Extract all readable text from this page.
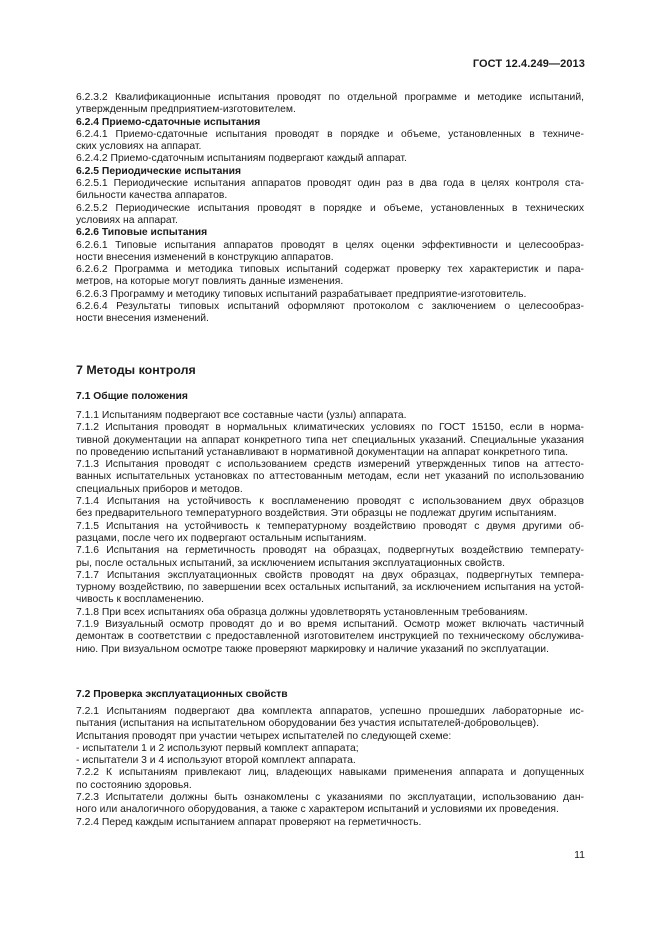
ГОСТ 12.4.249—2013
6.2.3.2 Квалификационные испытания проводят по отдельной программе и методике испытаний,
утвержденным предприятием-изготовителем.
6.2.4 Приемо-сдаточные испытания
6.2.4.1 Приемо-сдаточные испытания проводят в порядке и объеме, установленных в техниче-
ских условиях на аппарат.
6.2.4.2 Приемо-сдаточным испытаниям подвергают каждый аппарат.
6.2.5 Периодические испытания
6.2.5.1 Периодические испытания аппаратов проводят один раз в два года в целях контроля ста-
бильности качества аппаратов.
6.2.5.2 Периодические испытания проводят в порядке и объеме, установленных в технических
условиях на аппарат.
6.2.6 Типовые испытания
6.2.6.1 Типовые испытания аппаратов проводят в целях оценки эффективности и целесообраз-
ности внесения изменений в конструкцию аппаратов.
6.2.6.2 Программа и методика типовых испытаний содержат проверку тех характеристик и пара-
метров, на которые могут повлиять данные изменения.
6.2.6.3 Программу и методику типовых испытаний разрабатывает предприятие-изготовитель.
6.2.6.4 Результаты типовых испытаний оформляют протоколом с заключением о целесообраз-
ности внесения изменений.
7 Методы контроля
7.1 Общие положения
7.1.1 Испытаниям подвергают все составные части (узлы) аппарата.
7.1.2 Испытания проводят в нормальных климатических условиях по ГОСТ 15150, если в норма-
тивной документации на аппарат конкретного типа нет специальных указаний. Специальные указания
по проведению испытаний устанавливают в нормативной документации на аппарат конкретного типа.
7.1.3 Испытания проводят с использованием средств измерений утвержденных типов на аттесто-
ванных испытательных установках по аттестованным методам, если нет указаний по использованию
специальных приборов и методов.
7.1.4 Испытания на устойчивость к воспламенению проводят с использованием двух образцов
без предварительного температурного воздействия. Эти образцы не подлежат другим испытаниям.
7.1.5 Испытания на устойчивость к температурному воздействию проводят с двумя другими об-
разцами, после чего их подвергают остальным испытаниям.
7.1.6 Испытания на герметичность проводят на образцах, подвергнутых воздействию температу-
ры, после остальных испытаний, за исключением испытания эксплуатационных свойств.
7.1.7 Испытания эксплуатационных свойств проводят на двух образцах, подвергнутых темпера-
турному воздействию, по завершении всех остальных испытаний, за исключением испытания на устой-
чивость к воспламенению.
7.1.8 При всех испытаниях оба образца должны удовлетворять установленным требованиям.
7.1.9 Визуальный осмотр проводят до и во время испытаний. Осмотр может включать частичный
демонтаж в соответствии с предоставленной изготовителем инструкцией по техническому обслужива-
нию. При визуальном осмотре также проверяют маркировку и наличие указаний по эксплуатации.
7.2 Проверка эксплуатационных свойств
7.2.1 Испытаниям подвергают два комплекта аппаратов, успешно прошедших лабораторные ис-
пытания (испытания на испытательном оборудовании без участия испытателей-добровольцев).
Испытания проводят при участии четырех испытателей по следующей схеме:
- испытатели 1 и 2 используют первый комплект аппарата;
- испытатели 3 и 4 используют второй комплект аппарата.
7.2.2 К испытаниям привлекают лиц, владеющих навыками применения аппарата и допущенных
по состоянию здоровья.
7.2.3 Испытатели должны быть ознакомлены с указаниями по эксплуатации, использованию дан-
ного или аналогичного оборудования, а также с характером испытаний и условиями их проведения.
7.2.4 Перед каждым испытанием аппарат проверяют на герметичность.
11
